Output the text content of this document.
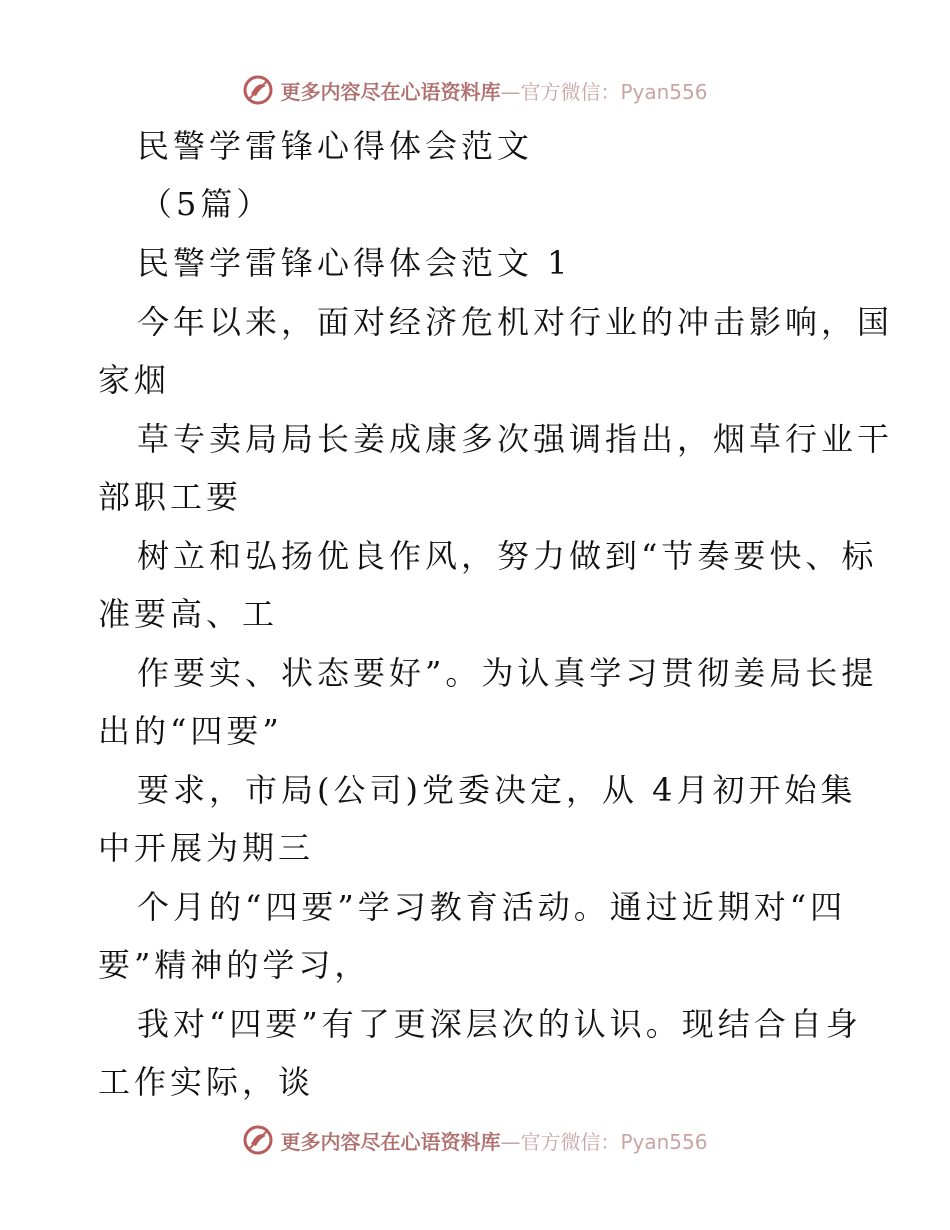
更多内容尽在心语资料库—官方微信：Pyan556
民警学雷锋心得体会范文
（5篇）
民警学雷锋心得体会范文 1
今年以来，面对经济危机对行业的冲击影响，国
家烟
草专卖局局长姜成康多次强调指出，烟草行业干
部职工要
树立和弘扬优良作风，努力做到“节奏要快、标
准要高、工
作要实、状态要好”。为认真学习贯彻姜局长提
出的“四要”
要求，市局(公司)党委决定，从 4月初开始集
中开展为期三
个月的“四要”学习教育活动。通过近期对“四
要”精神的学习，
我对“四要”有了更深层次的认识。现结合自身
工作实际，谈
更多内容尽在心语资料库—官方微信：Pyan556
